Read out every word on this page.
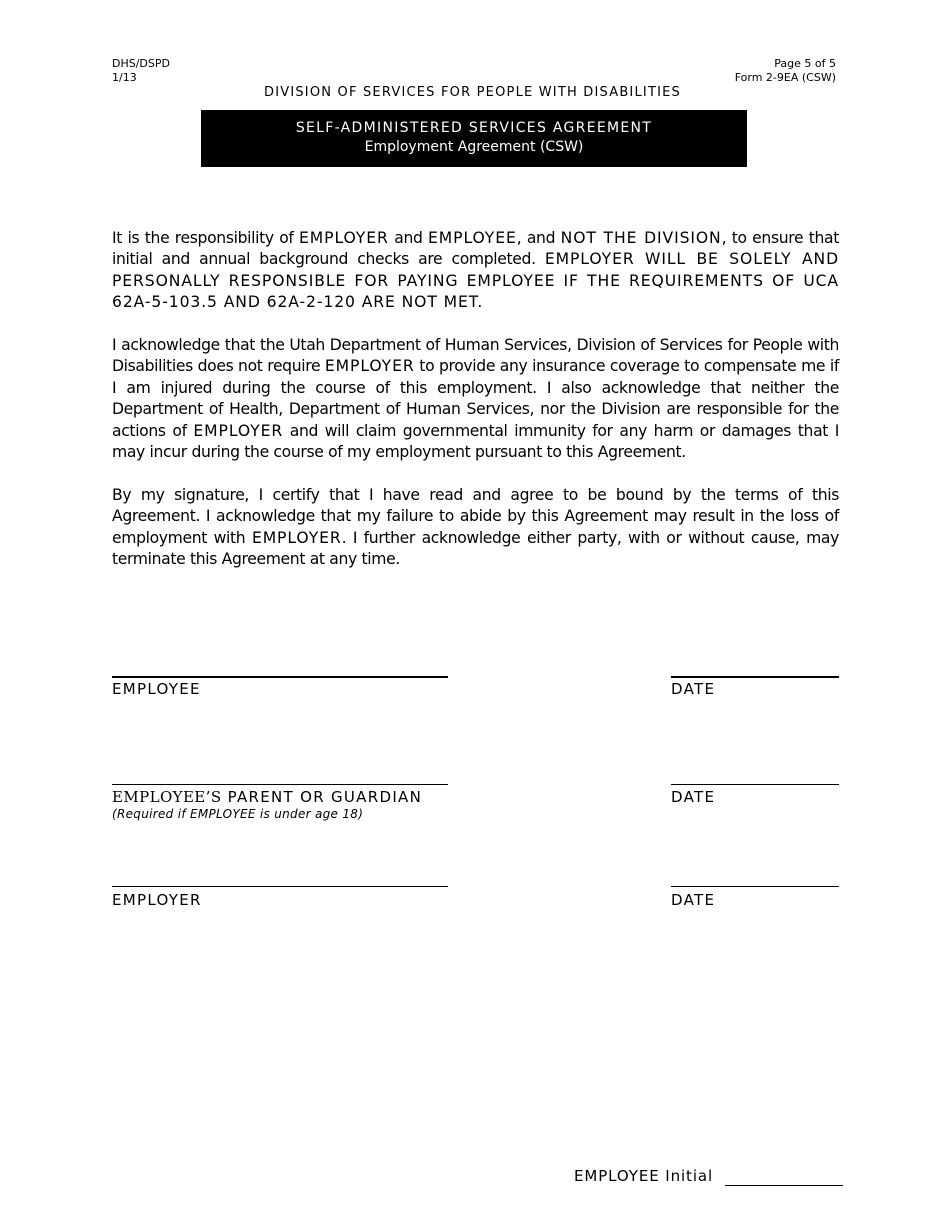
DHS/DSPD
1/13
Page 5 of 5
Form 2-9EA (CSW)
DIVISION OF SERVICES FOR PEOPLE WITH DISABILITIES
SELF-ADMINISTERED SERVICES AGREEMENT
Employment Agreement (CSW)

It is the responsibility of EMPLOYER and EMPLOYEE, and NOT THE DIVISION, to ensure that initial and annual background checks are completed. EMPLOYER WILL BE SOLELY AND PERSONALLY RESPONSIBLE FOR PAYING EMPLOYEE IF THE REQUIREMENTS OF UCA 62A-5-103.5 AND 62A-2-120 ARE NOT MET.

I acknowledge that the Utah Department of Human Services, Division of Services for People with Disabilities does not require EMPLOYER to provide any insurance coverage to compensate me if I am injured during the course of this employment. I also acknowledge that neither the Department of Health, Department of Human Services, nor the Division are responsible for the actions of EMPLOYER and will claim governmental immunity for any harm or damages that I may incur during the course of my employment pursuant to this Agreement.

By my signature, I certify that I have read and agree to be bound by the terms of this Agreement. I acknowledge that my failure to abide by this Agreement may result in the loss of employment with EMPLOYER. I further acknowledge either party, with or without cause, may terminate this Agreement at any time.

EMPLOYEE	DATE
EMPLOYEE’S PARENT OR GUARDIAN
(Required if EMPLOYEE is under age 18)
DATE
EMPLOYER	DATE
EMPLOYEE Initial
